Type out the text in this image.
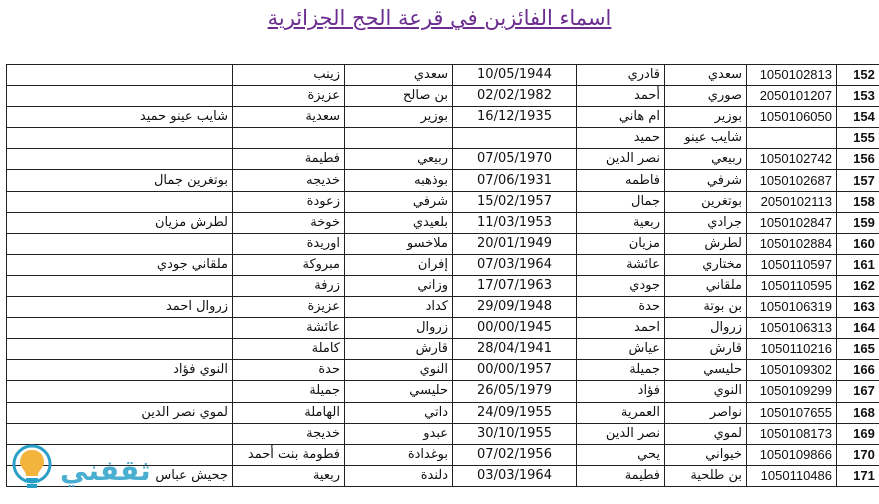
اسماء الفائزين في قرعة الحج الجزائرية
	زينب	سعدي	10/05/1944	قادري	سعدي	1050102813	152
	عزيزة	بن صالح	02/02/1982	أحمد	صوري	2050101207	153
شايب عينو حميد	سعدية	بوزير	16/12/1935	ام هاني	بوزير	1050106050	154
				حميد	شايب عينو		155
	فطيمة	ربيعي	07/05/1970	نصر الدين	ربيعي	1050102742	156
بوتغرين جمال	خديجه	بوذهبه	07/06/1931	فاطمه	شرفي	1050102687	157
	زعودة	شرفي	15/02/1957	جمال	بوتغرين	2050102113	158
لطرش مزيان	خوخة	بلعيدي	11/03/1953	ربعية	جرادي	1050102847	159
	اوريدة	ملاخسو	20/01/1949	مزيان	لطرش	1050102884	160
ملقاني جودي	مبروكة	إفران	07/03/1964	عائشة	مختاري	1050110597	161
	زرفة	وزاني	17/07/1963	جودي	ملقاني	1050110595	162
زروال احمد	عزيزة	كداد	29/09/1948	حدة	بن بوتة	1050106319	163
	عائشة	زروال	00/00/1945	احمد	زروال	1050106313	164
	كاملة	قارش	28/04/1941	عياش	قارش	1050110216	165
النوي فؤاد	حدة	النوي	00/00/1957	جميلة	حليسي	1050109302	166
	جميلة	حليسي	26/05/1979	فؤاد	النوي	1050109299	167
لموي نصر الدين	الهاملة	داتي	24/09/1955	العمرية	نواصر	1050107655	168
	خديجة	عبدو	30/10/1955	نصر الدين	لموي	1050108173	169
	فطومة بنت أحمد	بوغدادة	07/02/1956	يحي	خيواني	1050109866	170
جحيش عباس	ربعية	دلندة	03/03/1964	فطيمة	بن طلحية	1050110486	171
ثقفني
